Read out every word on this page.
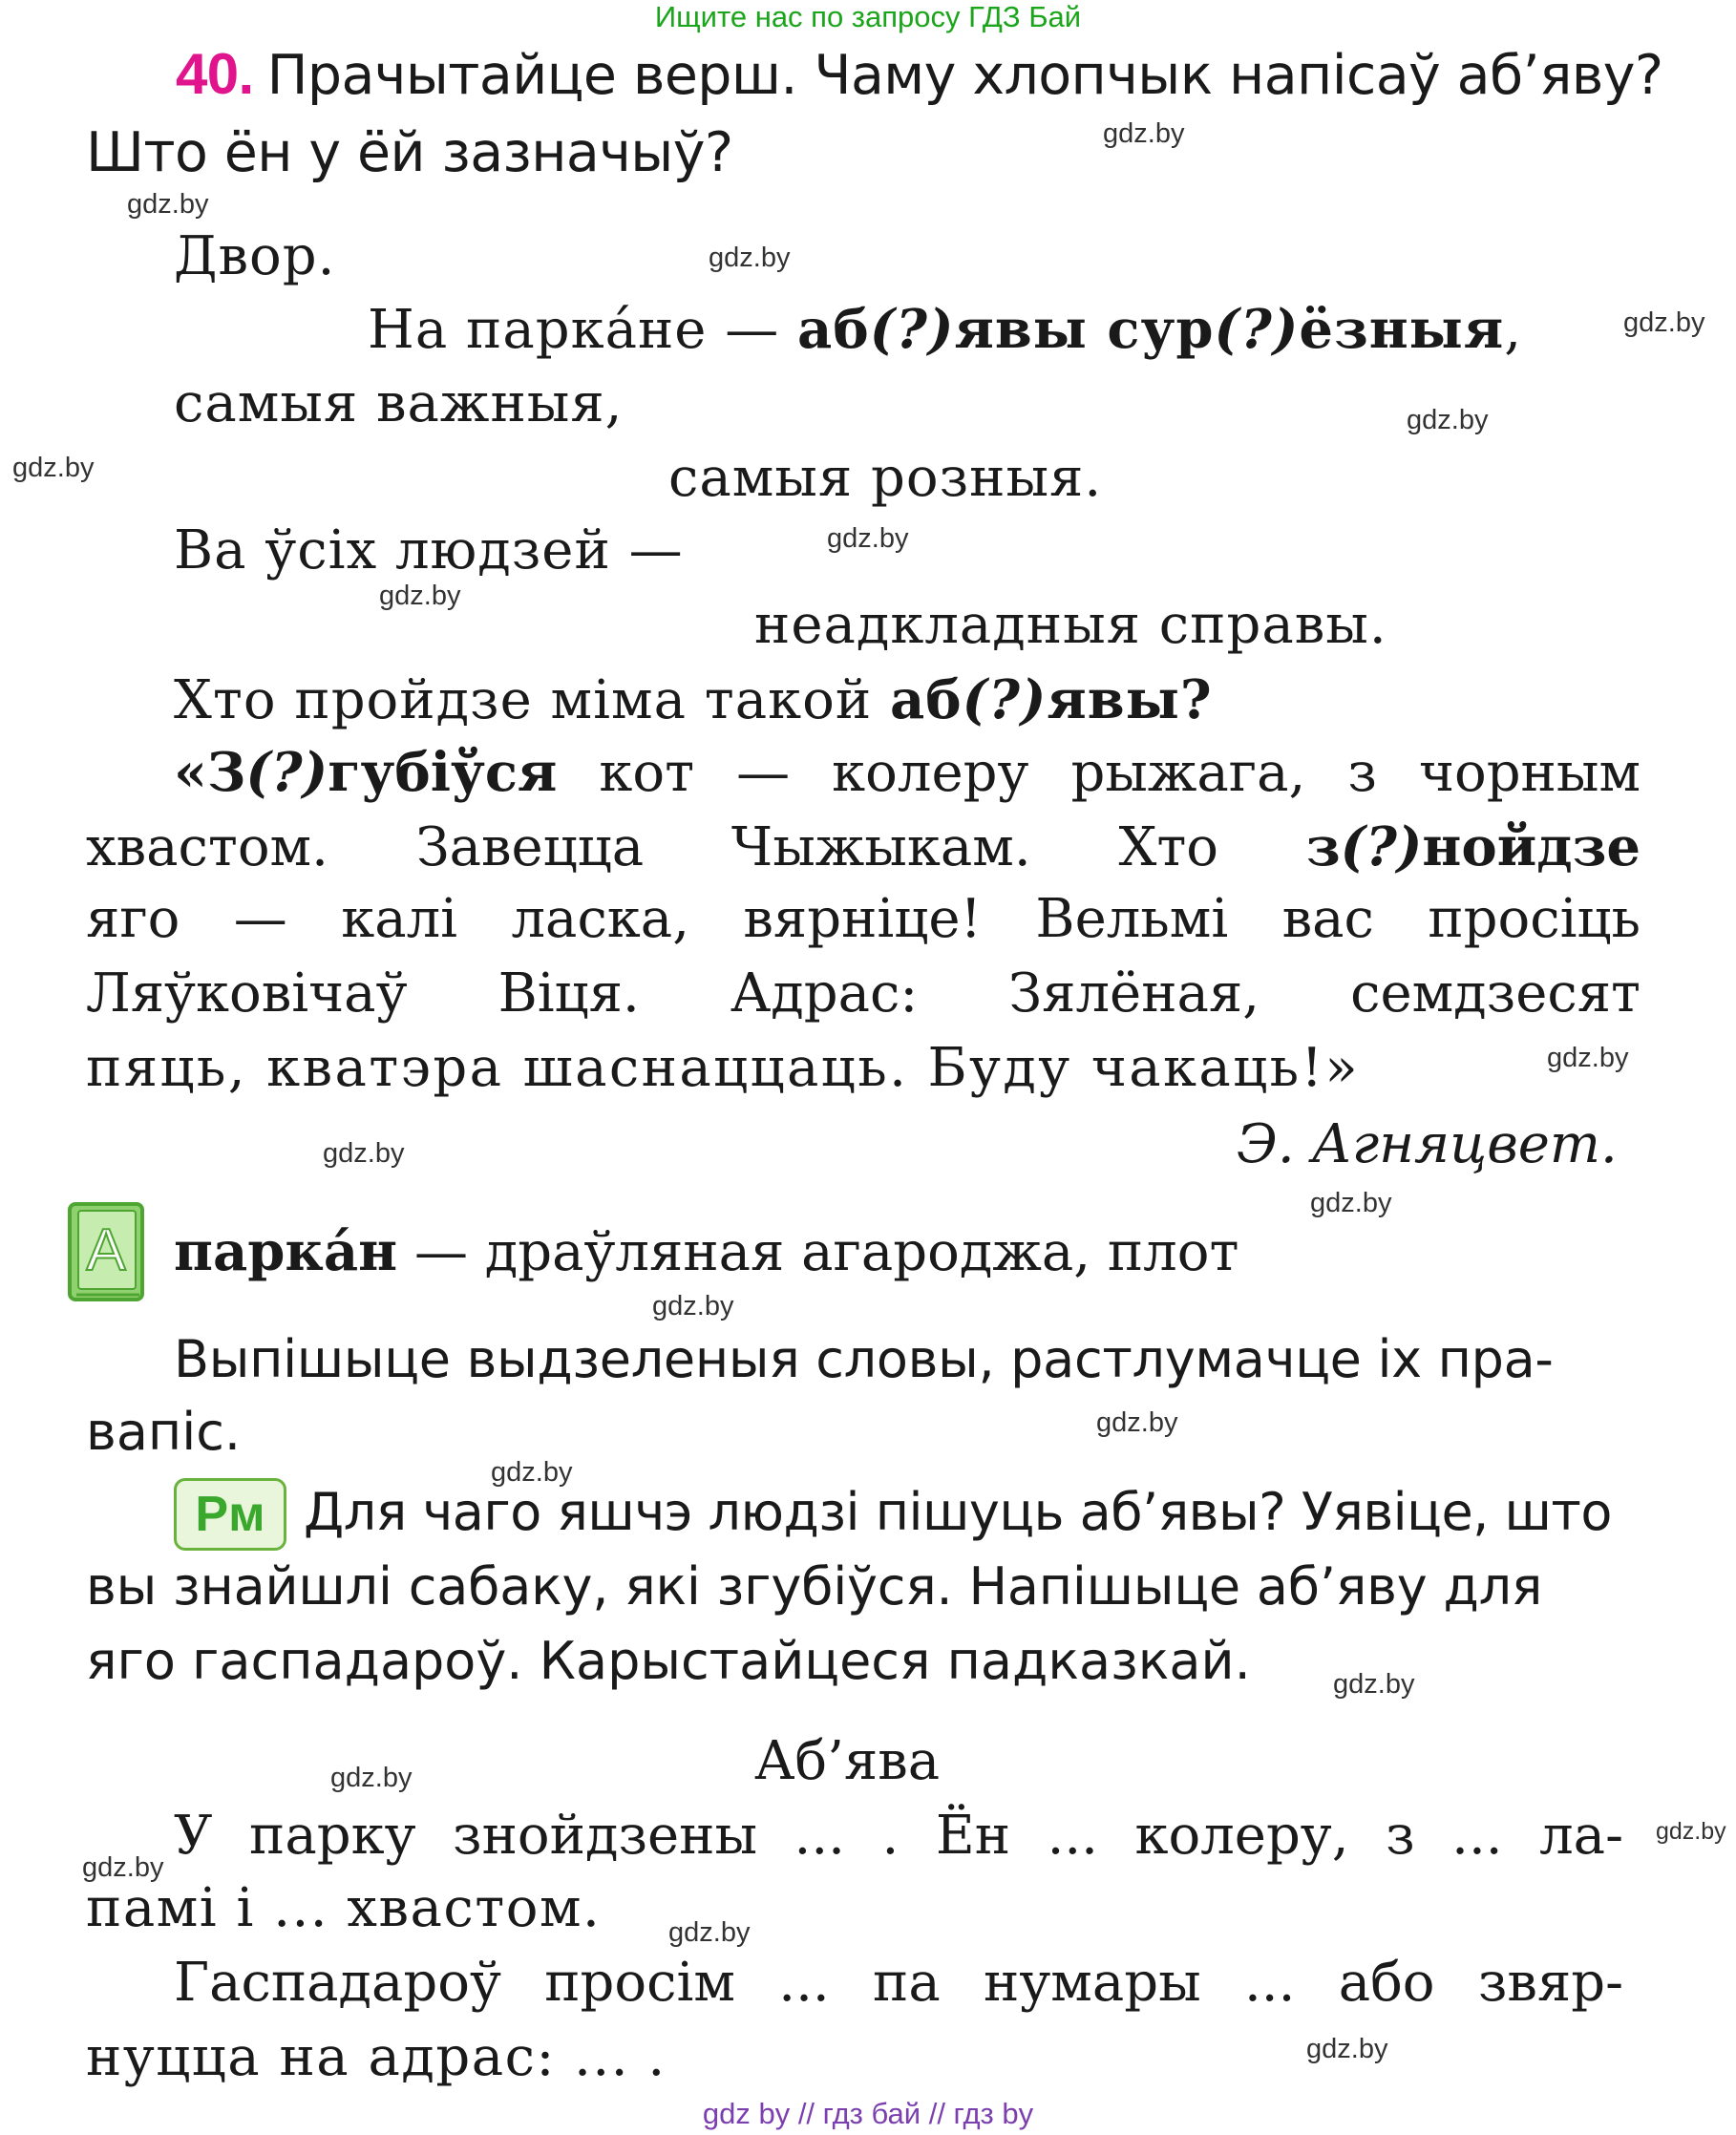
Ищите нас по запросу ГДЗ Бай
40. Прачытайце верш. Чаму хлопчык напісаў аб’яву?
Што ён у ёй зазначыў?
Двор.
На парка́не — аб(?)явы сур(?)ёзныя,
самыя важныя,
самыя розныя.
Ва ўсіх людзей —
неадкладныя справы.
Хто пройдзе міма такой аб(?)явы?
«З(?)губіўся кот — колеру рыжага, з чорным
хвастом. Завецца Чыжыкам. Хто з(?)нойдзе
яго — калі ласка, вярніце! Вельмі вас просіць
Ляўковічаў Віця. Адрас: Зялёная, семдзесят
пяць, кватэра шаснаццаць. Буду чакаць!»
Э. Агняцвет.
А парка́н — драўляная агароджа, плот
Выпішыце выдзеленыя словы, растлумачце іх пра-
вапіс.
Рм Для чаго яшчэ людзі пішуць аб’явы? Уявіце, што
вы знайшлі сабаку, які згубіўся. Напішыце аб’яву для
яго гаспадароў. Карыстайцеся падказкай.
Аб’ява
У парку знойдзены ... . Ён ... колеру, з ... ла-
памі і ... хвастом.
Гаспадароў просім ... па нумары ... або звяр-
нуцца на адрас: ... .
gdz.by
gdz.by
gdz.by
gdz.by
gdz.by
gdz.by
gdz.by
gdz.by
gdz.by
gdz.by
gdz.by
gdz.by
gdz.by
gdz.by
gdz.by
gdz.by
gdz.by
gdz.by
gdz.by
gdz.by
gdz by // гдз бай // гдз by
